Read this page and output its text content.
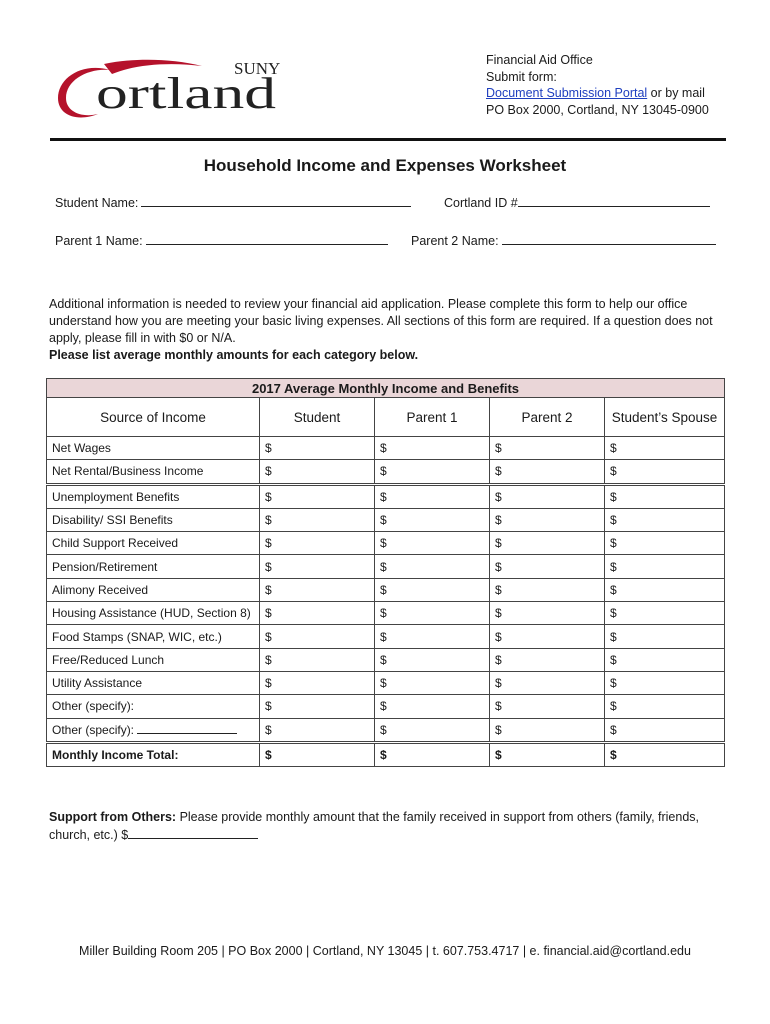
SUNY
ortland
Financial Aid Office
Submit form:
Document Submission Portal or by mail
PO Box 2000, Cortland, NY 13045-0900
Household Income and Expenses Worksheet
Student Name:	Cortland ID #
Parent 1 Name:	Parent 2 Name:
Additional information is needed to review your financial aid application. Please complete this form to help our office understand how you are meeting your basic living expenses. All sections of this form are required. If a question does not apply, please fill in with $0 or N/A.
Please list average monthly amounts for each category below.
2017 Average Monthly Income and Benefits				
Source of Income	Student	Parent 1	Parent 2	Student’s Spouse
Net Wages	$	$	$	$
Net Rental/Business Income	$	$	$	$
Unemployment Benefits	$	$	$	$
Disability/ SSI Benefits	$	$	$	$
Child Support Received	$	$	$	$
Pension/Retirement	$	$	$	$
Alimony Received	$	$	$	$
Housing Assistance (HUD, Section 8)	$	$	$	$
Food Stamps (SNAP, WIC, etc.)	$	$	$	$
Free/Reduced Lunch	$	$	$	$
Utility Assistance	$	$	$	$
Other (specify):	$	$	$	$
Other (specify):	$	$	$	$
Monthly Income Total:	$	$	$	$
Support from Others: Please provide monthly amount that the family received in support from others (family, friends, church, etc.) $
Miller Building Room 205 | PO Box 2000 | Cortland, NY 13045 | t. 607.753.4717 | e. financial.aid@cortland.edu
